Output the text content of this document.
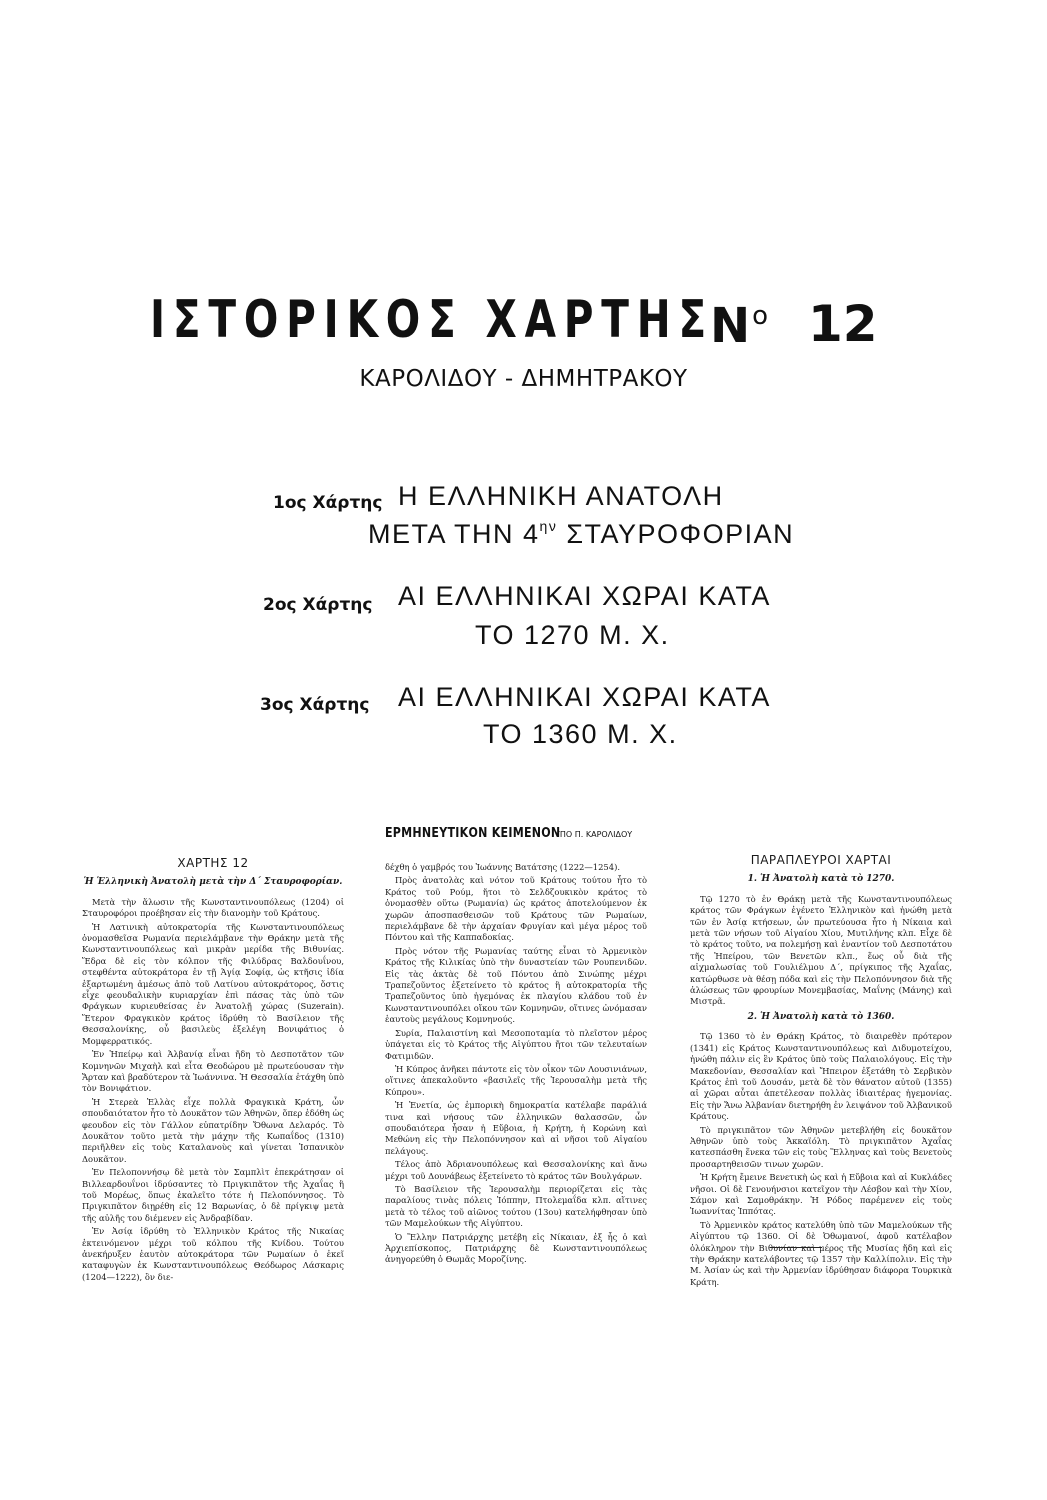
ΙΣΤΟΡΙΚΟΣ ΧΑΡΤΗΣ
$N^o$ 12
ΚΑΡΟΛΙΔΟΥ - ΔΗΜΗΤΡΑΚΟΥ
1ος Χάρτης Η ΕΛΛΗΝΙΚΗ ΑΝΑΤΟΛΗ
ΜΕΤΑ ΤΗΝ $4^{\eta\nu}$ ΣΤΑΥΡΟΦΟΡΙΑΝ
2ος Χάρτης ΑΙ ΕΛΛΗΝΙΚΑΙ ΧΩΡΑΙ ΚΑΤΑ
ΤΟ 1270 Μ. Χ.
3ος Χάρτης ΑΙ ΕΛΛΗΝΙΚΑΙ ΧΩΡΑΙ ΚΑΤΑ
ΤΟ 1360 Μ. Χ.
ΕΡΜΗΝΕΥΤΙΚΟΝ ΚΕΙΜΕΝΟΝ
ΥΠΟ Π. ΚΑΡΟΛΙΔΟΥ
ΧΑΡΤΗΣ 12
Ἡ Ἑλληνικὴ Ἀνατολὴ μετὰ τὴν Δ΄ Σταυροφορίαν.

Μετὰ τὴν ἅλωσιν τῆς Κωνσταντινουπόλεως (1204) οἱ Σταυροφόροι προέβησαν εἰς τὴν διανομὴν τοῦ Κράτους.

Ἡ Λατινικὴ αὐτοκρατορία τῆς Κωνσταντινουπόλεως ὀνομασθεῖσα Ρωμανία περιελάμβανε τὴν Θράκην μετὰ τῆς Κωνσταντινουπόλεως καὶ μικρὰν μερίδα τῆς Βιθυνίας. Ἕδρα δὲ εἰς τὸν κόλπον τῆς Φιλύδρας Βαλδουΐνου, στεφθέντα αὐτοκράτορα ἐν τῇ Ἁγίᾳ Σοφίᾳ, ὡς κτῆσις ἰδία ἐξαρτωμένη ἀμέσως ἀπὸ τοῦ Λατίνου αὐτοκράτορος, ὅστις εἶχε φεουδαλικὴν κυριαρχίαν ἐπὶ πάσας τὰς ὑπὸ τῶν Φράγκων κυριευθείσας ἐν Ἀνατολῇ χώρας (Suzerain). Ἕτερον Φραγκικὸν κράτος ἱδρύθη τὸ Βασίλειον τῆς Θεσσαλονίκης, οὗ βασιλεὺς ἐξελέγη Βονιφάτιος ὁ Μομφερρατικός.

Ἐν Ἠπείρῳ καὶ Ἀλβανίᾳ εἶναι ἤδη τὸ Δεσποτᾶτον τῶν Κομνηνῶν Μιχαὴλ καὶ εἶτα Θεοδώρου μὲ πρωτεύουσαν τὴν Ἄρταν καὶ βραδύτερον τὰ Ἰωάννινα. Ἡ Θεσσαλία ἐτάχθη ὑπὸ τὸν Βονιφάτιον.

Ἡ Στερεὰ Ἑλλὰς εἶχε πολλὰ Φραγκικὰ Κράτη, ὧν σπουδαιότατον ἦτο τὸ Δουκᾶτον τῶν Ἀθηνῶν, ὅπερ ἐδόθη ὡς φεουδον εἰς τὸν Γάλλον εὐπατρίδην Ὄθωνα Δελαρός. Τὸ Δουκᾶτον τοῦτο μετὰ τὴν μάχην τῆς Κωπαΐδος (1310) περιῆλθεν εἰς τοὺς Καταλανοὺς καὶ γίνεται Ἱσπανικὸν Δουκᾶτον.

Ἐν Πελοποννήσῳ δὲ μετὰ τὸν Σαμπλὶτ ἐπεκράτησαν οἱ Βιλλεαρδουΐνοι ἱδρύσαντες τὸ Πριγκιπᾶτον τῆς Ἀχαΐας ἢ τοῦ Μορέως, ὅπως ἐκαλεῖτο τότε ἡ Πελοπόννησος. Τὸ Πριγκιπᾶτον διῃρέθη εἰς 12 Βαρωνίας, ὁ δὲ πρίγκιψ μετὰ τῆς αὐλῆς του διέμενεν εἰς Ἀνδραβίδαν.

Ἐν Ἀσίᾳ ἱδρύθη τὸ Ἑλληνικὸν Κράτος τῆς Νικαίας ἐκτεινόμενον μέχρι τοῦ κόλπου τῆς Κνίδου. Τούτου ἀνεκήρυξεν ἑαυτὸν αὐτοκράτορα τῶν Ρωμαίων ὁ ἐκεῖ καταφυγὼν ἐκ Κωνσταντινουπόλεως Θεόδωρος Λάσκαρις (1204—1222), ὃν διε-

δέχθη ὁ γαμβρός του Ἰωάννης Βατάτσης (1222—1254).

Πρὸς ἀνατολὰς καὶ νότον τοῦ Κράτους τούτου ἦτο τὸ Κράτος τοῦ Ρούμ, ἤτοι τὸ Σελδζουκικὸν κράτος τὸ ὀνομασθὲν οὕτω (Ρωμανία) ὡς κράτος ἀποτελούμενον ἐκ χωρῶν ἀποσπασθεισῶν τοῦ Κράτους τῶν Ρωμαίων, περιελάμβανε δὲ τὴν ἀρχαίαν Φρυγίαν καὶ μέγα μέρος τοῦ Πόντου καὶ τῆς Καππαδοκίας.

Πρὸς νότον τῆς Ρωμανίας ταύτης εἶναι τὸ Ἀρμενικὸν Κράτος τῆς Κιλικίας ὑπὸ τὴν δυναστείαν τῶν Ρουπενιδῶν. Εἰς τὰς ἀκτὰς δὲ τοῦ Πόντου ἀπὸ Σινώπης μέχρι Τραπεζοῦντος ἐξετείνετο τὸ κράτος ἢ αὐτοκρατορία τῆς Τραπεζοῦντος ὑπὸ ἡγεμόνας ἐκ πλαγίου κλάδου τοῦ ἐν Κωνσταντινουπόλει οἴκου τῶν Κομνηνῶν, οἵτινες ὠνόμασαν ἑαυτοὺς μεγάλους Κομνηνούς.

Συρία, Παλαιστίνη καὶ Μεσοποταμία τὸ πλεῖστον μέρος ὑπάγεται εἰς τὸ Κράτος τῆς Αἰγύπτου ἤτοι τῶν τελευταίων Φατιμιδῶν.

Ἡ Κύπρος ἀνῆκει πάντοτε εἰς τὸν οἶκον τῶν Λουσινιάνων, οἵτινες ἀπεκαλοῦντο «βασιλεῖς τῆς Ἱερουσαλὴμ μετὰ τῆς Κύπρου».

Ἡ Ἑνετία, ὡς ἐμπορικὴ δημοκρατία κατέλαβε παράλιά τινα καὶ νήσους τῶν ἑλληνικῶν θαλασσῶν, ὧν σπουδαιότερα ἦσαν ἡ Εὔβοια, ἡ Κρήτη, ἡ Κορώνη καὶ Μεθώνη εἰς τὴν Πελοπόννησον καὶ αἱ νῆσοι τοῦ Αἰγαίου πελάγους.

Τέλος ἀπὸ Ἀδριανουπόλεως καὶ Θεσσαλονίκης καὶ ἄνω μέχρι τοῦ Δουνάβεως ἐξετείνετο τὸ κράτος τῶν Βουλγάρων.

Τὸ Βασίλειον τῆς Ἱερουσαλὴμ περιορίζεται εἰς τὰς παραλίους τινὰς πόλεις Ἰόππην, Πτολεμαΐδα κλπ. αἵτινες μετὰ τὸ τέλος τοῦ αἰῶνος τούτου (13ου) κατελήφθησαν ὑπὸ τῶν Μαμελούκων τῆς Αἰγύπτου.

Ὁ Ἕλλην Πατριάρχης μετέβη εἰς Νίκαιαν, ἐξ ἧς ὁ καὶ Ἀρχιεπίσκοπος, Πατριάρχης δὲ Κωνσταντινουπόλεως ἀνηγορεύθη ὁ Θωμᾶς Μοροζίνης.

ΠΑΡΑΠΛΕΥΡΟΙ ΧΑΡΤΑΙ
1. Ἡ Ἀνατολὴ κατὰ τὸ 1270.

Τῷ 1270 τὸ ἐν Θράκῃ μετὰ τῆς Κωνσταντινουπόλεως κράτος τῶν Φράγκων ἐγένετο Ἑλληνικὸν καὶ ἡνώθη μετὰ τῶν ἐν Ἀσίᾳ κτήσεων, ὧν πρωτεύουσα ἦτο ἡ Νίκαια καὶ μετὰ τῶν νήσων τοῦ Αἰγαίου Χίου, Μυτιλήνης κλπ. Εἶχε δὲ τὸ κράτος τοῦτο, να πολεμήσῃ καὶ ἐναντίον τοῦ Δεσποτάτου τῆς Ἠπείρου, τῶν Βενετῶν κλπ., ἕως οὗ διὰ τῆς αἰχμαλωσίας τοῦ Γουλιέλμου Δ΄, πρίγκιπος τῆς Ἀχαΐας, κατώρθωσε νὰ θέσῃ πόδα καὶ εἰς τὴν Πελοπόννησον διὰ τῆς ἀλώσεως τῶν φρουρίων Μονεμβασίας, Μαΐνης (Μάνης) καὶ Μιστρᾶ.

2. Ἡ Ἀνατολὴ κατὰ τὸ 1360.

Τῷ 1360 τὸ ἐν Θράκῃ Κράτος, τὸ διαιρεθὲν πρότερον (1341) εἰς Κράτος Κωνσταντινουπόλεως καὶ Διδυμοτείχου, ἡνώθη πάλιν εἰς ἓν Κράτος ὑπὸ τοὺς Παλαιολόγους. Εἰς τὴν Μακεδονίαν, Θεσσαλίαν καὶ Ἤπειρον ἐξετάθη τὸ Σερβικὸν Κράτος ἐπὶ τοῦ Δουσάν, μετὰ δὲ τὸν θάνατον αὐτοῦ (1355) αἱ χῶραι αὗται ἀπετέλεσαν πολλὰς ἰδιαιτέρας ἡγεμονίας. Εἰς τὴν Ἄνω Ἀλβανίαν διετηρήθη ἐν λειψάνον τοῦ Ἀλβανικοῦ Κράτους.

Τὸ πριγκιπᾶτον τῶν Ἀθηνῶν μετεβλήθη εἰς δουκᾶτον Ἀθηνῶν ὑπὸ τοὺς Ἀκκαϊόλη. Τὸ πριγκιπᾶτον Ἀχαΐας κατεσπάσθη ἕνεκα τῶν εἰς τοὺς Ἕλληνας καὶ τοὺς Βενετοὺς προσαρτηθεισῶν τινων χωρῶν.

Ἡ Κρήτη ἔμεινε Βενετικὴ ὡς καὶ ἡ Εὔβοια καὶ αἱ Κυκλάδες νῆσοι. Οἱ δὲ Γενουήνσιοι κατεῖχον τὴν Λέσβον καὶ τὴν Χίον, Σάμον καὶ Σαμοθράκην. Ἡ Ρόδος παρέμενεν εἰς τοὺς Ἰωαννίτας Ἱππότας.

Τὸ Ἀρμενικὸν κράτος κατελύθη ὑπὸ τῶν Μαμελούκων τῆς Αἰγύπτου τῷ 1360. Οἱ δὲ Ὀθωμανοί, ἀφοῦ κατέλαβον ὁλόκληρον τὴν Βιθυνίαν καὶ μέρος τῆς Μυσίας ἤδη καὶ εἰς τὴν Θράκην κατελάβοντες τῷ 1357 τὴν Καλλίπολιν. Εἰς τὴν Μ. Ἀσίαν ὡς καὶ τὴν Ἀρμενίαν ἱδρύθησαν διάφορα Τουρκικὰ Κράτη.
